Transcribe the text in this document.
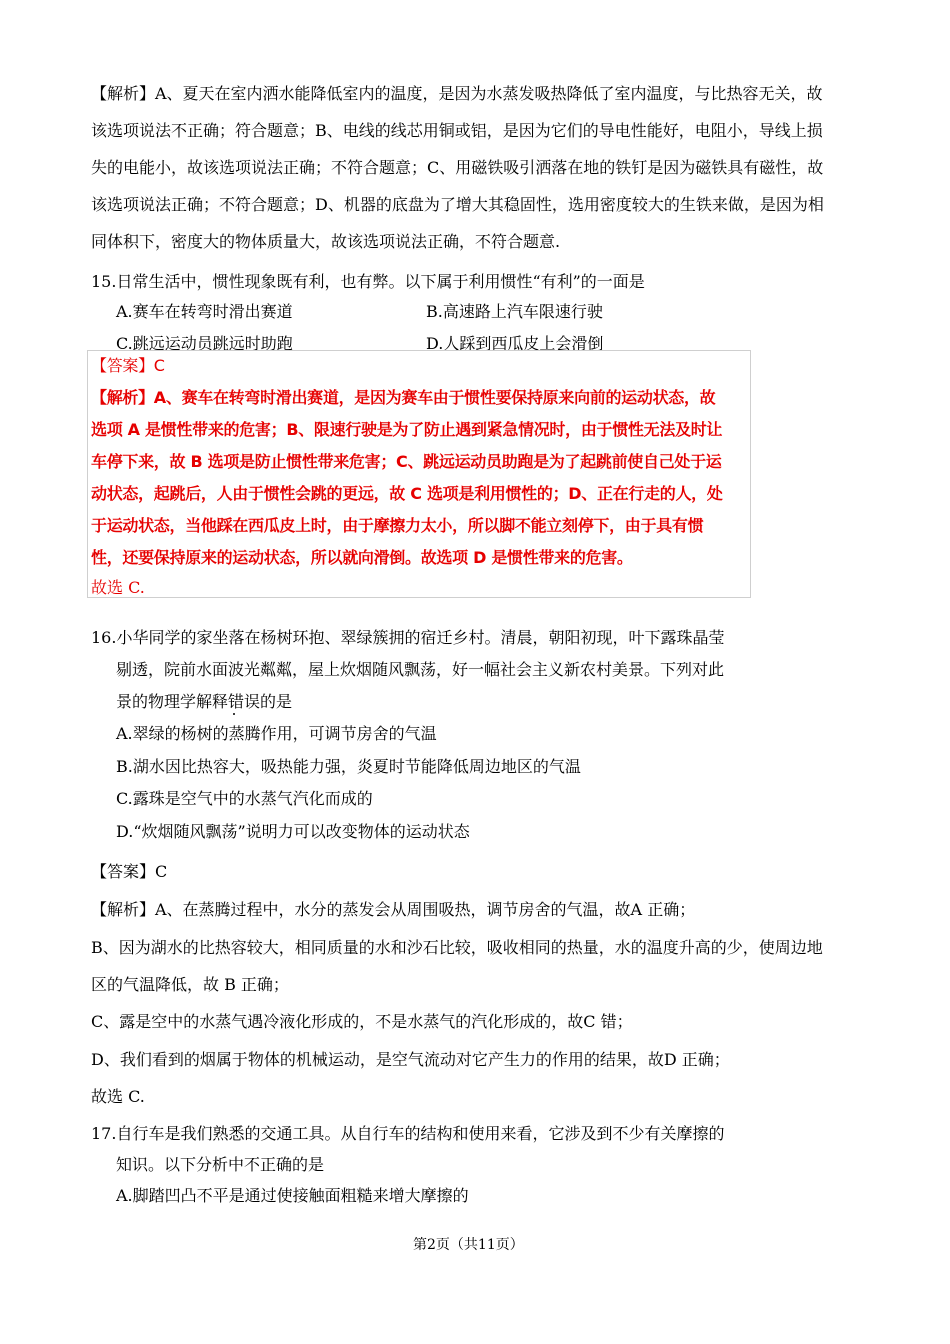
【解析】A、夏天在室内洒水能降低室内的温度，是因为水蒸发吸热降低了室内温度，与比热容无关，故
该选项说法不正确；符合题意；B、电线的线芯用铜或铝，是因为它们的导电性能好，电阻小，导线上损
失的电能小，故该选项说法正确；不符合题意；C、用磁铁吸引洒落在地的铁钉是因为磁铁具有磁性，故
该选项说法正确；不符合题意；D、机器的底盘为了增大其稳固性，选用密度较大的生铁来做，是因为相
同体积下，密度大的物体质量大，故该选项说法正确，不符合题意.
15.日常生活中，惯性现象既有利，也有弊。以下属于利用惯性“有利”的一面是
A.赛车在转弯时滑出赛道	B.高速路上汽车限速行驶
C.跳远运动员跳远时助跑	D.人踩到西瓜皮上会滑倒
【答案】C
【解析】A、赛车在转弯时滑出赛道，是因为赛车由于惯性要保持原来向前的运动状态，故
选项 A 是惯性带来的危害；B、限速行驶是为了防止遇到紧急情况时，由于惯性无法及时让
车停下来，故 B 选项是防止惯性带来危害；C、跳远运动员助跑是为了起跳前使自己处于运
动状态，起跳后，人由于惯性会跳的更远，故 C 选项是利用惯性的；D、正在行走的人，处
于运动状态，当他踩在西瓜皮上时，由于摩擦力太小，所以脚不能立刻停下，由于具有惯
性，还要保持原来的运动状态，所以就向滑倒。故选项 D 是惯性带来的危害。
故选 C.
16.小华同学的家坐落在杨树环抱、翠绿簇拥的宿迁乡村。清晨，朝阳初现，叶下露珠晶莹
剔透，院前水面波光粼粼，屋上炊烟随风飘荡，好一幅社会主义新农村美景。下列对此
景的物理学解释错误的是
A.翠绿的杨树的蒸腾作用，可调节房舍的气温
B.湖水因比热容大，吸热能力强，炎夏时节能降低周边地区的气温
C.露珠是空气中的水蒸气汽化而成的
D.“炊烟随风飘荡”说明力可以改变物体的运动状态
【答案】C
【解析】A、在蒸腾过程中，水分的蒸发会从周围吸热，调节房舍的气温，故A 正确；
B、因为湖水的比热容较大，相同质量的水和沙石比较，吸收相同的热量，水的温度升高的少，使周边地
区的气温降低，故 B 正确；
C、露是空中的水蒸气遇冷液化形成的，不是水蒸气的汽化形成的，故C 错；
D、我们看到的烟属于物体的机械运动，是空气流动对它产生力的作用的结果，故D 正确；
故选 C.
17.自行车是我们熟悉的交通工具。从自行车的结构和使用来看，它涉及到不少有关摩擦的
知识。以下分析中不正确的是
A.脚踏凹凸不平是通过使接触面粗糙来增大摩擦的
第2页（共11页）
